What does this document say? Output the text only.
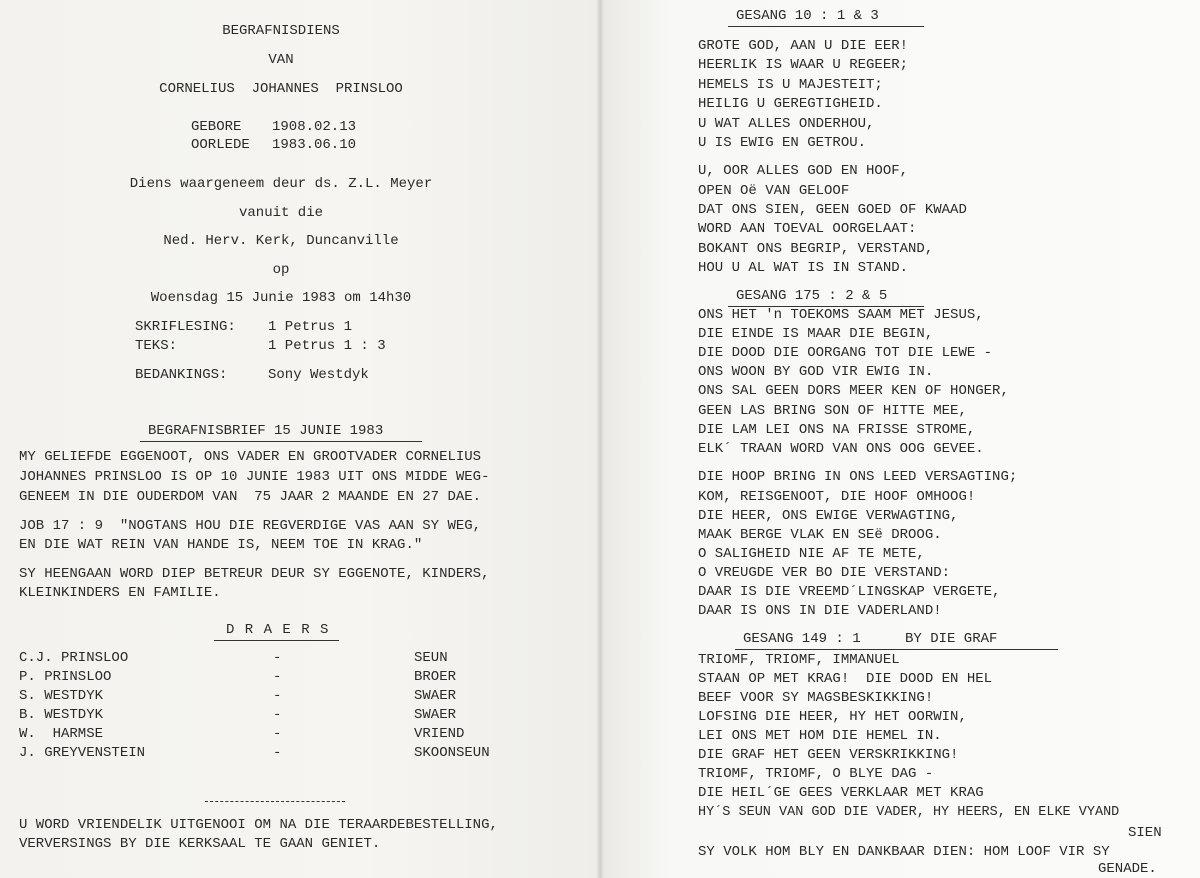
BEGRAFNISDIENS
VAN
CORNELIUS  JOHANNES  PRINSLOO
GEBORE 1908.02.13
OORLEDE 1983.06.10
Diens waargeneem deur ds. Z.L. Meyer
vanuit die
Ned. Herv. Kerk, Duncanville
op
Woensdag 15 Junie 1983 om 14h30
SKRIFLESING: 1 Petrus 1
TEKS:	1 Petrus 1 : 3
BEDANKINGS:	Sony Westdyk
BEGRAFNISBRIEF 15 JUNIE 1983
MY GELIEFDE EGGENOOT, ONS VADER EN GROOTVADER CORNELIUS
JOHANNES PRINSLOO IS OP 10 JUNIE 1983 UIT ONS MIDDE WEG-
GENEEM IN DIE OUDERDOM VAN  75 JAAR 2 MAANDE EN 27 DAE.
JOB 17 : 9  "NOGTANS HOU DIE REGVERDIGE VAS AAN SY WEG,
EN DIE WAT REIN VAN HANDE IS, NEEM TOE IN KRAG."
SY HEENGAAN WORD DIEP BETREUR DEUR SY EGGENOTE, KINDERS,
KLEINKINDERS EN FAMILIE.
D R A E R S
C.J. PRINSLOO	-	SEUN
P. PRINSLOO	-	BROER
S. WESTDYK	-	SWAER
B. WESTDYK	-	SWAER
W.  HARMSE	-	VRIEND
J. GREYVENSTEIN	-	SKOONSEUN
U WORD VRIENDELIK UITGENOOI OM NA DIE TERAARDEBESTELLING,
VERVERSINGS BY DIE KERKSAAL TE GAAN GENIET.
GESANG 10 : 1 & 3
GROTE GOD, AAN U DIE EER!
HEERLIK IS WAAR U REGEER;
HEMELS IS U MAJESTEIT;
HEILIG U GEREGTIGHEID.
U WAT ALLES ONDERHOU,
U IS EWIG EN GETROU.
U, OOR ALLES GOD EN HOOF,
OPEN Oë VAN GELOOF
DAT ONS SIEN, GEEN GOED OF KWAAD
WORD AAN TOEVAL OORGELAAT:
BOKANT ONS BEGRIP, VERSTAND,
HOU U AL WAT IS IN STAND.
GESANG 175 : 2 & 5
ONS HET 'n TOEKOMS SAAM MET JESUS,
DIE EINDE IS MAAR DIE BEGIN,
DIE DOOD DIE OORGANG TOT DIE LEWE -
ONS WOON BY GOD VIR EWIG IN.
ONS SAL GEEN DORS MEER KEN OF HONGER,
GEEN LAS BRING SON OF HITTE MEE,
DIE LAM LEI ONS NA FRISSE STROME,
ELK´ TRAAN WORD VAN ONS OOG GEVEE.
DIE HOOP BRING IN ONS LEED VERSAGTING;
KOM, REISGENOOT, DIE HOOF OMHOOG!
DIE HEER, ONS EWIGE VERWAGTING,
MAAK BERGE VLAK EN SEë DROOG.
O SALIGHEID NIE AF TE METE,
O VREUGDE VER BO DIE VERSTAND:
DAAR IS DIE VREEMD´LINGSKAP VERGETE,
DAAR IS ONS IN DIE VADERLAND!
GESANG 149 : 1	BY DIE GRAF
TRIOMF, TRIOMF, IMMANUEL
STAAN OP MET KRAG!  DIE DOOD EN HEL
BEEF VOOR SY MAGSBESKIKKING!
LOFSING DIE HEER, HY HET OORWIN,
LEI ONS MET HOM DIE HEMEL IN.
DIE GRAF HET GEEN VERSKRIKKING!
TRIOMF, TRIOMF, O BLYE DAG -
DIE HEIL´GE GEES VERKLAAR MET KRAG
HY´S SEUN VAN GOD DIE VADER, HY HEERS, EN ELKE VYAND
SIEN
SY VOLK HOM BLY EN DANKBAAR DIEN: HOM LOOF VIR SY
GENADE.
